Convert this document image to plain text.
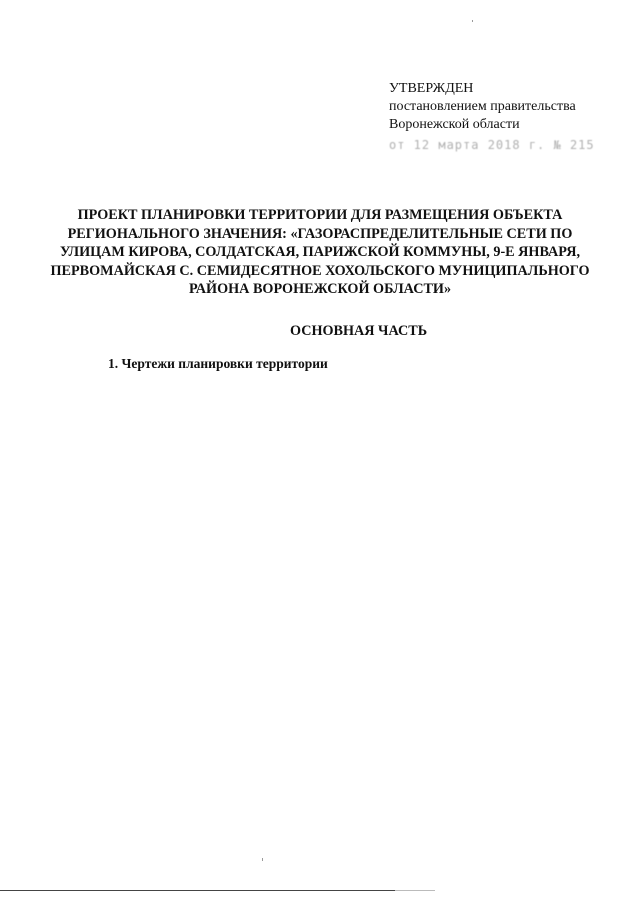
УТВЕРЖДЕН
постановлением правительства
Воронежской области
от 12 марта 2018 г. № 215
ПРОЕКТ ПЛАНИРОВКИ ТЕРРИТОРИИ ДЛЯ РАЗМЕЩЕНИЯ ОБЪЕКТА
РЕГИОНАЛЬНОГО ЗНАЧЕНИЯ: «ГАЗОРАСПРЕДЕЛИТЕЛЬНЫЕ СЕТИ ПО
УЛИЦАМ КИРОВА, СОЛДАТСКАЯ, ПАРИЖСКОЙ КОММУНЫ, 9-Е ЯНВАРЯ,
ПЕРВОМАЙСКАЯ С. СЕМИДЕСЯТНОЕ ХОХОЛЬСКОГО МУНИЦИПАЛЬНОГО
РАЙОНА ВОРОНЕЖСКОЙ ОБЛАСТИ»
ОСНОВНАЯ ЧАСТЬ
1. Чертежи планировки территории
